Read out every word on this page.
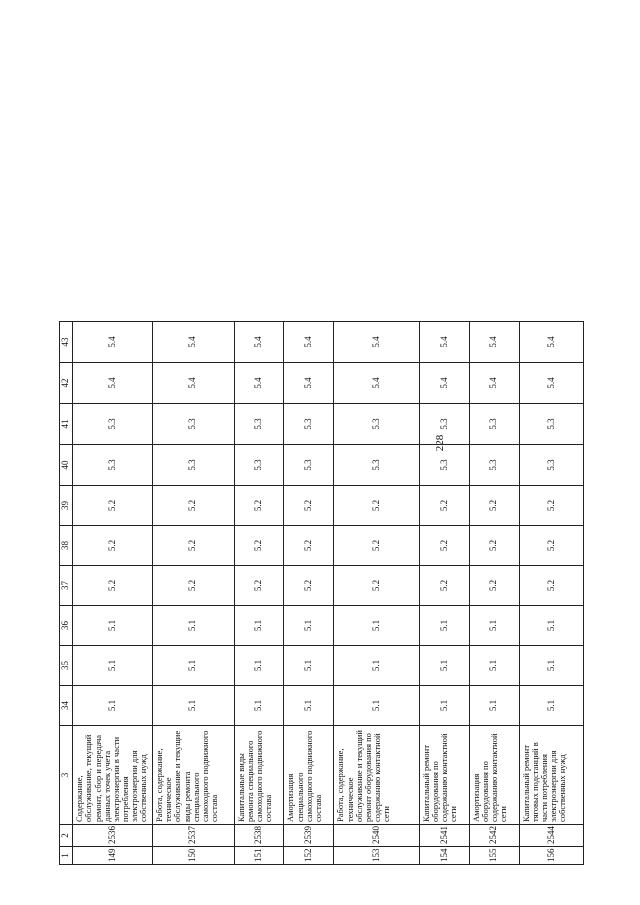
228
1	2	3	34	35	36	37	38	39	40	41	42	43
149	2536	Содержание, обслуживание, текущий ремонт, сбор и передача данных точек учета электроэнергии в части потребления электроэнергии для собственных нужд	5.1	5.1	5.1	5.2	5.2	5.2	5.3	5.3	5.4	5.4
150	2537	Работа, содержание, техническое обслуживание и текущие виды ремонта специального самоходного подвижного состава	5.1	5.1	5.1	5.2	5.2	5.2	5.3	5.3	5.4	5.4
151	2538	Капитальные виды ремонта специального самоходного подвижного состава	5.1	5.1	5.1	5.2	5.2	5.2	5.3	5.3	5.4	5.4
152	2539	Амортизация специального самоходного подвижного состава	5.1	5.1	5.1	5.2	5.2	5.2	5.3	5.3	5.4	5.4
153	2540	Работа, содержание, техническое обслуживание и текущий ремонт оборудования по содержанию контактной сети	5.1	5.1	5.1	5.2	5.2	5.2	5.3	5.3	5.4	5.4
154	2541	Капитальный ремонт оборудования по содержанию контактной сети	5.1	5.1	5.1	5.2	5.2	5.2	5.3	5.3	5.4	5.4
155	2542	Амортизация оборудования по содержанию контактной сети	5.1	5.1	5.1	5.2	5.2	5.2	5.3	5.3	5.4	5.4
156	2544	Капитальный ремонт тяговых подстанций в части потребления электроэнергии для собственных нужд	5.1	5.1	5.1	5.2	5.2	5.2	5.3	5.3	5.4	5.4
